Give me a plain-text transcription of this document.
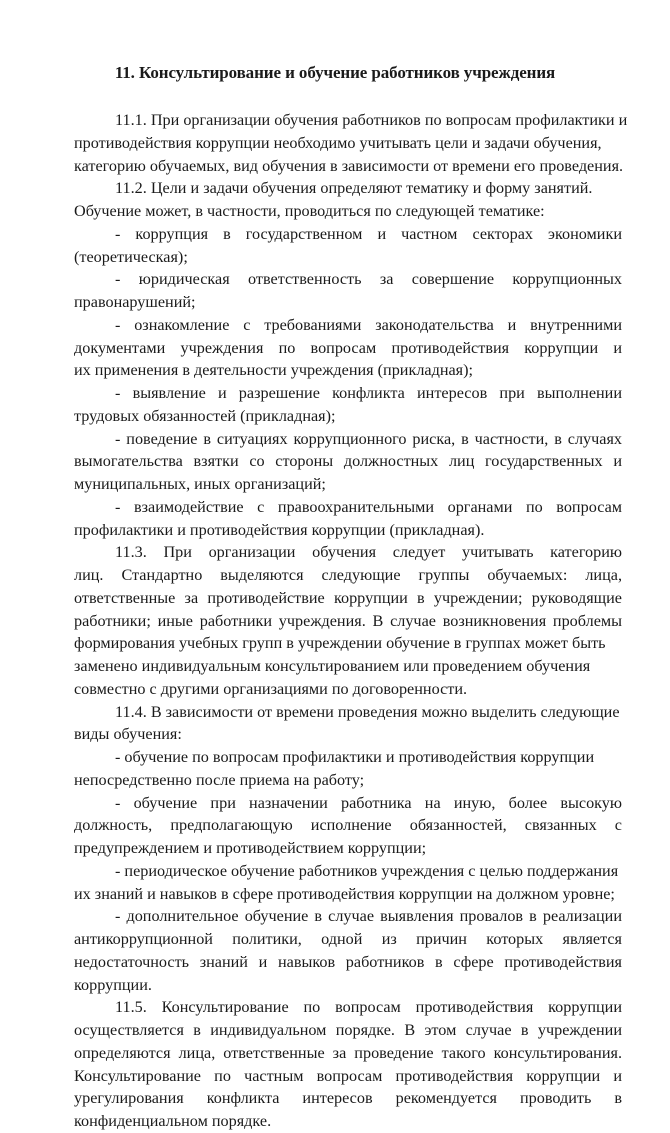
11. Консультирование и обучение работников учреждения
11.1. При организации обучения работников по вопросам профилактики и
противодействия коррупции необходимо учитывать цели и задачи обучения,
категорию обучаемых, вид обучения в зависимости от времени его проведения.
11.2. Цели и задачи обучения определяют тематику и форму занятий.
Обучение может, в частности, проводиться по следующей тематике:
- коррупция в государственном и частном секторах экономики
(теоретическая);
- юридическая ответственность за совершение коррупционных
правонарушений;
- ознакомление с требованиями законодательства и внутренними
документами учреждения по вопросам противодействия коррупции и
их применения в деятельности учреждения (прикладная);
- выявление и разрешение конфликта интересов при выполнении
трудовых обязанностей (прикладная);
- поведение в ситуациях коррупционного риска, в частности, в случаях
вымогательства взятки со стороны должностных лиц государственных и
муниципальных, иных организаций;
- взаимодействие с правоохранительными органами по вопросам
профилактики и противодействия коррупции (прикладная).
11.3. При организации обучения следует учитывать категорию
лиц. Стандартно выделяются следующие группы обучаемых: лица,
ответственные за противодействие коррупции в учреждении; руководящие
работники; иные работники учреждения. В случае возникновения проблемы
формирования учебных групп в учреждении обучение в группах может быть
заменено индивидуальным консультированием или проведением обучения
совместно с другими организациями по договоренности.
11.4. В зависимости от времени проведения можно выделить следующие
виды обучения:
- обучение по вопросам профилактики и противодействия коррупции
непосредственно после приема на работу;
- обучение при назначении работника на иную, более высокую
должность, предполагающую исполнение обязанностей, связанных с
предупреждением и противодействием коррупции;
- периодическое обучение работников учреждения с целью поддержания
их знаний и навыков в сфере противодействия коррупции на должном уровне;
- дополнительное обучение в случае выявления провалов в реализации
антикоррупционной политики, одной из причин которых является
недостаточность знаний и навыков работников в сфере противодействия
коррупции.
11.5. Консультирование по вопросам противодействия коррупции
осуществляется в индивидуальном порядке. В этом случае в учреждении
определяются лица, ответственные за проведение такого консультирования.
Консультирование по частным вопросам противодействия коррупции и
урегулирования конфликта интересов рекомендуется проводить в
конфиденциальном порядке.
